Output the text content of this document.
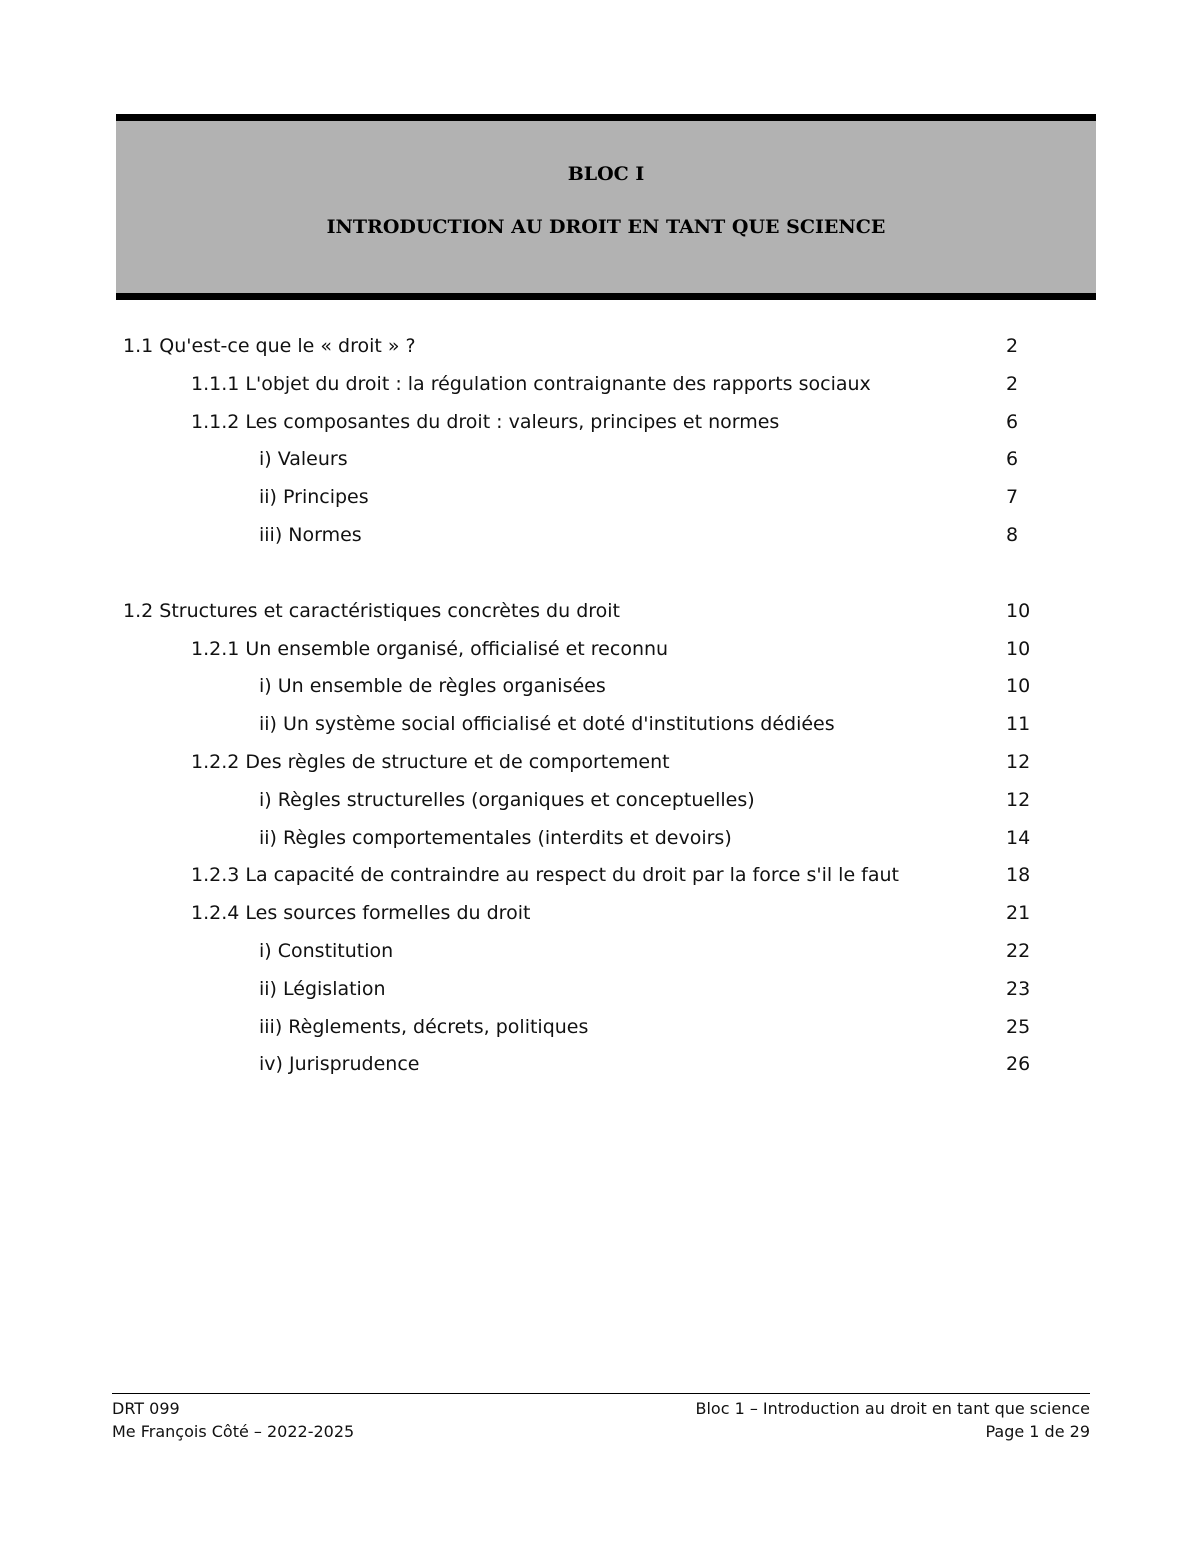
BLOC I
INTRODUCTION AU DROIT EN TANT QUE SCIENCE
1.1 Qu'est-ce que le « droit » ?	2
1.1.1 L'objet du droit : la régulation contraignante des rapports sociaux	2
1.1.2 Les composantes du droit : valeurs, principes et normes	6
i) Valeurs	6
ii) Principes	7
iii) Normes	8
1.2 Structures et caractéristiques concrètes du droit	10
1.2.1 Un ensemble organisé, officialisé et reconnu	10
i) Un ensemble de règles organisées	10
ii) Un système social officialisé et doté d'institutions dédiées	11
1.2.2 Des règles de structure et de comportement	12
i) Règles structurelles (organiques et conceptuelles)	12
ii) Règles comportementales (interdits et devoirs)	14
1.2.3 La capacité de contraindre au respect du droit par la force s'il le faut	18
1.2.4 Les sources formelles du droit	21
i) Constitution	22
ii) Législation	23
iii) Règlements, décrets, politiques	25
iv) Jurisprudence	26
DRT 099
Me François Côté – 2022-2025
Bloc 1 – Introduction au droit en tant que science
Page 1 de 29
